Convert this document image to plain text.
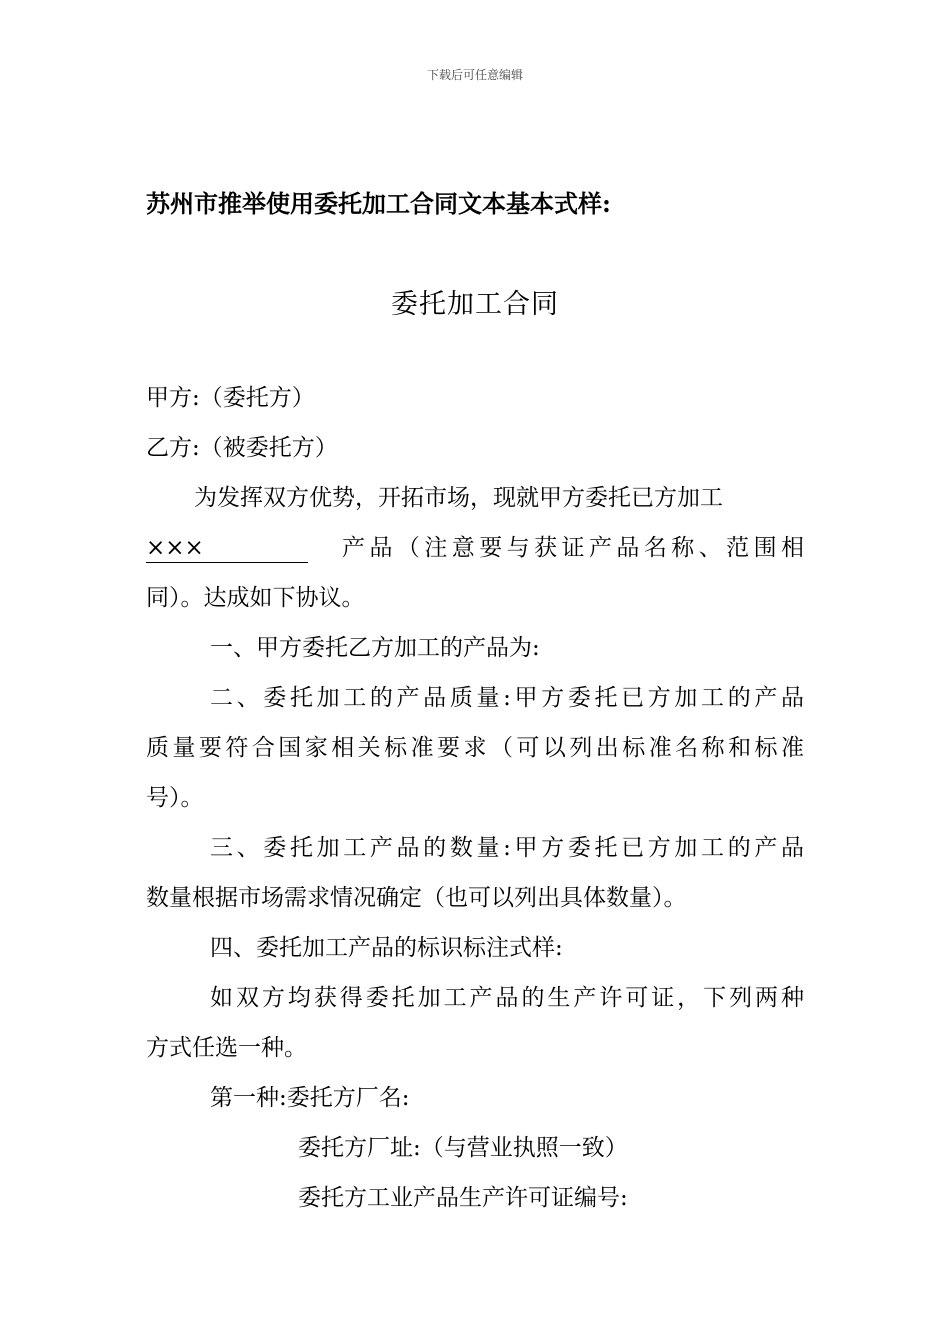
下载后可任意编辑
苏州市推举使用委托加工合同文本基本式样:
委托加工合同
甲方:（委托方）
乙方:（被委托方）
为发挥双方优势，开拓市场，现就甲方委托已方加工
×××	产品（注意要与获证产品名称、范围相
同）。达成如下协议。
一、甲方委托乙方加工的产品为:
二、委托加工的产品质量:甲方委托已方加工的产品
质量要符合国家相关标准要求（可以列出标准名称和标准
号）。
三、委托加工产品的数量:甲方委托已方加工的产品
数量根据市场需求情况确定（也可以列出具体数量）。
四、委托加工产品的标识标注式样:
如双方均获得委托加工产品的生产许可证，下列两种
方式任选一种。
第一种:委托方厂名:
委托方厂址:（与营业执照一致）
委托方工业产品生产许可证编号:
